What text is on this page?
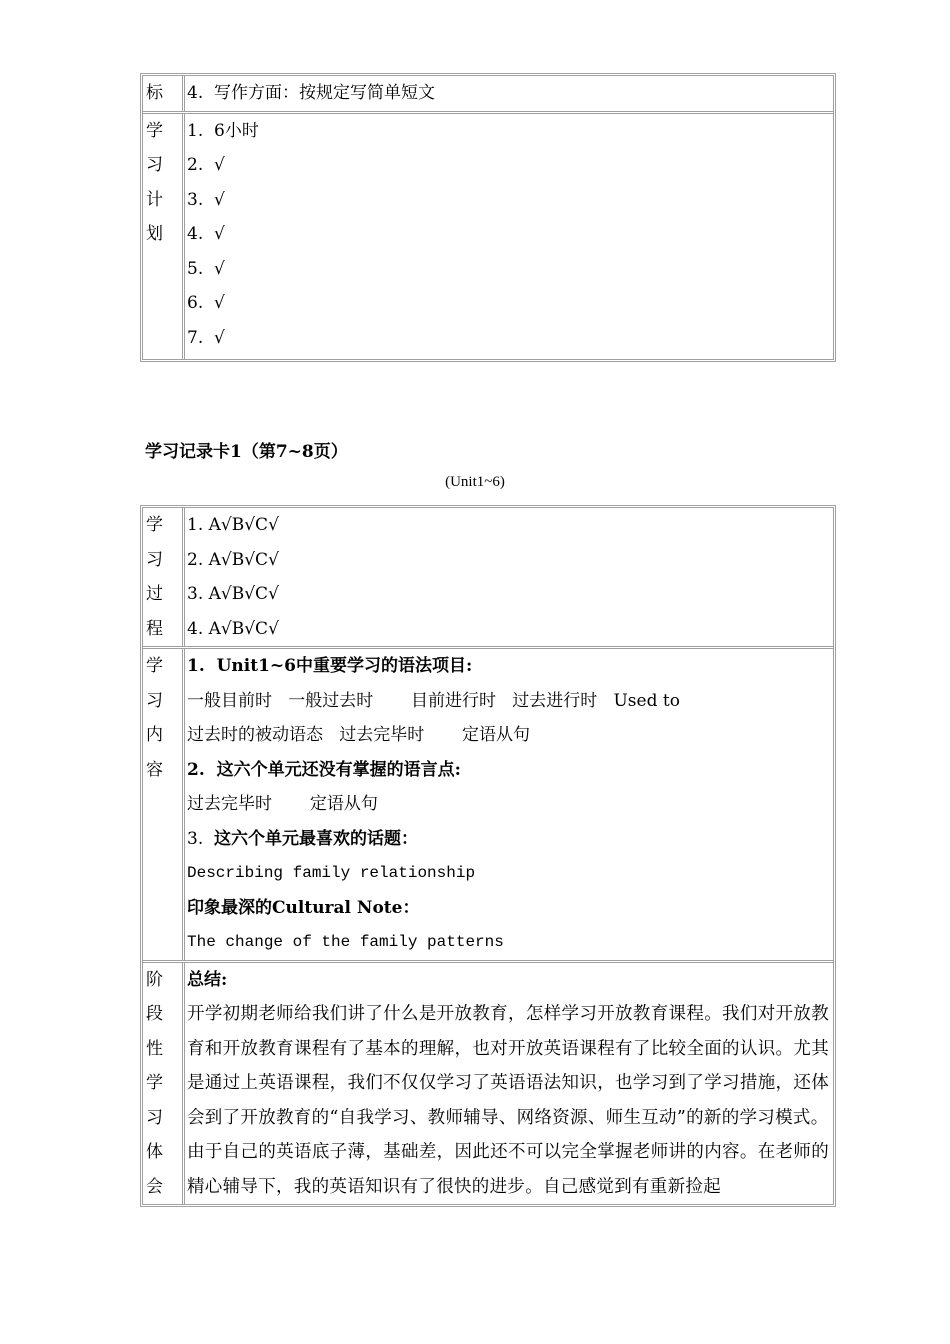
标	4.  写作方面：按规定写简单短文
学
习
计
划
1.  6小时
2.  √
3.  √
4.  √
5.  √
6.  √
7.  √
学习记录卡1（第7~8页）
(Unit1~6)
学
习
过
程
1. A√B√C√
2. A√B√C√
3. A√B√C√
4. A√B√C√
学
习
内
容
1.  Unit1~6中重要学习的语法项目:
一般目前时   一般过去时       目前进行时   过去进行时   Used to
过去时的被动语态   过去完毕时       定语从句
2.  这六个单元还没有掌握的语言点:
过去完毕时       定语从句
3.  这六个单元最喜欢的话题：
Describing family relationship
印象最深的Cultural Note：
The change of the family patterns
阶
段
性
学
习
体
会
总结:
开学初期老师给我们讲了什么是开放教育，怎样学习开放教育课程。我们对开放教育和开放教育课程有了基本的理解，也对开放英语课程有了比较全面的认识。尤其是通过上英语课程，我们不仅仅学习了英语语法知识，也学习到了学习措施，还体会到了开放教育的“自我学习、教师辅导、网络资源、师生互动”的新的学习模式。
由于自己的英语底子薄，基础差，因此还不可以完全掌握老师讲的内容。在老师的精心辅导下，我的英语知识有了很快的进步。自己感觉到有重新捡起
